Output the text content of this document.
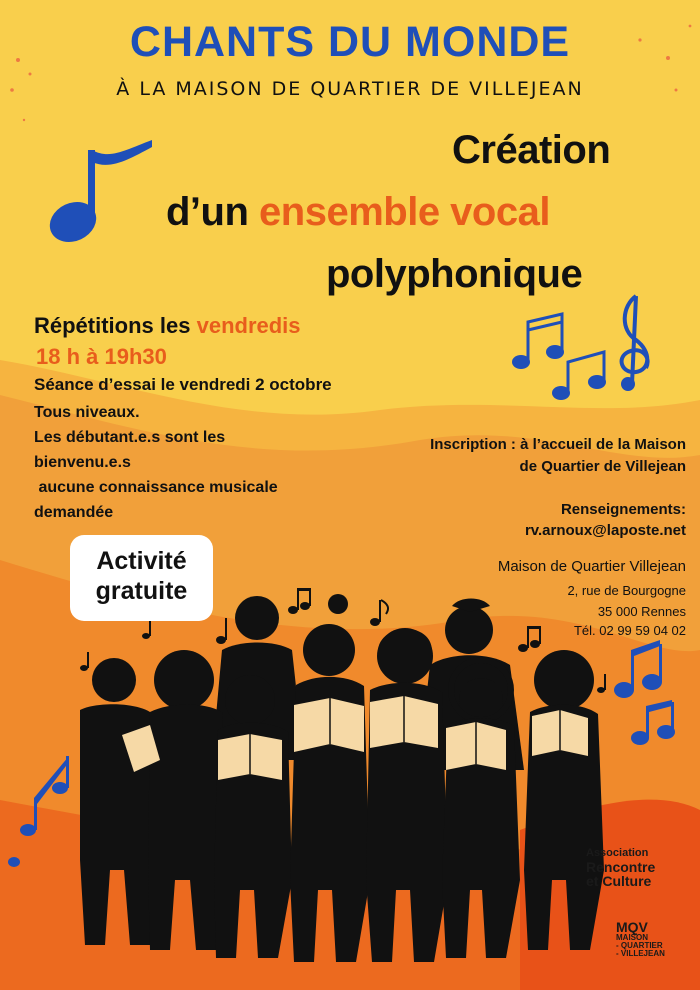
CHANTS DU MONDE
À LA MAISON DE QUARTIER DE VILLEJEAN
Création
d’un ensemble vocal
polyphonique
Répétitions les vendredis
18 h à 19h30
Séance d’essai le vendredi 2 octobre
Tous niveaux.
Les débutant.e.s sont les
bienvenu.e.s
aucune connaissance musicale
demandée
Activité
gratuite
Inscription : à l’accueil de la Maison
de Quartier de Villejean
Renseignements:
rv.arnoux@laposte.net
Maison de Quartier Villejean
2, rue de Bourgogne
35 000 Rennes
Tél. 02 99 59 04 02
Association
Rencontre
et Culture
MQV
MAISON
- QUARTIER
- VILLEJEAN
